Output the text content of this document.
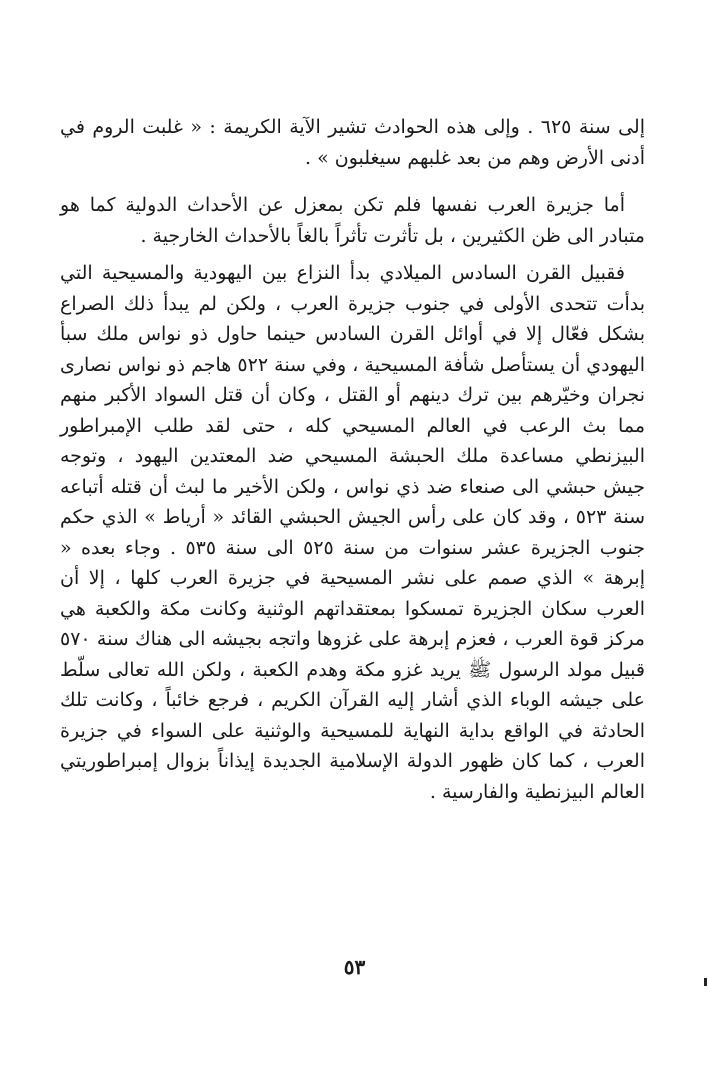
إلى سنة ٦٢٥ . وإلى هذه الحوادث تشير الآية الكريمة : « غلبت الروم في أدنى الأرض وهم من بعد غلبهم سيغلبون » .

أما جزيرة العرب نفسها فلم تكن بمعزل عن الأحداث الدولية كما هو متبادر الى ظن الكثيرين ، بل تأثرت تأثراً بالغاً بالأحداث الخارجية .

فقبيل القرن السادس الميلادي بدأ النزاع بين اليهودية والمسيحية التي بدأت تتحدى الأولى في جنوب جزيرة العرب ، ولكن لم يبدأ ذلك الصراع بشكل فعّال إلا في أوائل القرن السادس حينما حاول ذو نواس ملك سبأ اليهودي أن يستأصل شأفة المسيحية ، وفي سنة ٥٢٢ هاجم ذو نواس نصارى نجران وخيّرهم بين ترك دينهم أو القتل ، وكان أن قتل السواد الأكبر منهم مما بث الرعب في العالم المسيحي كله ، حتى لقد طلب الإمبراطور البيزنطي مساعدة ملك الحبشة المسيحي ضد المعتدين اليهود ، وتوجه جيش حبشي الى صنعاء ضد ذي نواس ، ولكن الأخير ما لبث أن قتله أتباعه سنة ٥٢٣ ، وقد كان على رأس الجيش الحبشي القائد « أرياط » الذي حكم جنوب الجزيرة عشر سنوات من سنة ٥٢٥ الى سنة ٥٣٥ . وجاء بعده « إبرهة » الذي صمم على نشر المسيحية في جزيرة العرب كلها ، إلا أن العرب سكان الجزيرة تمسكوا بمعتقداتهم الوثنية وكانت مكة والكعبة هي مركز قوة العرب ، فعزم إبرهة على غزوها واتجه بجيشه الى هناك سنة ٥٧٠ قبيل مولد الرسول ﷺ يريد غزو مكة وهدم الكعبة ، ولكن الله تعالى سلّط على جيشه الوباء الذي أشار إليه القرآن الكريم ، فرجع خائباً ، وكانت تلك الحادثة في الواقع بداية النهاية للمسيحية والوثنية على السواء في جزيرة العرب ، كما كان ظهور الدولة الإسلامية الجديدة إيذاناً بزوال إمبراطوريتي العالم البيزنطية والفارسية .

٥٣
